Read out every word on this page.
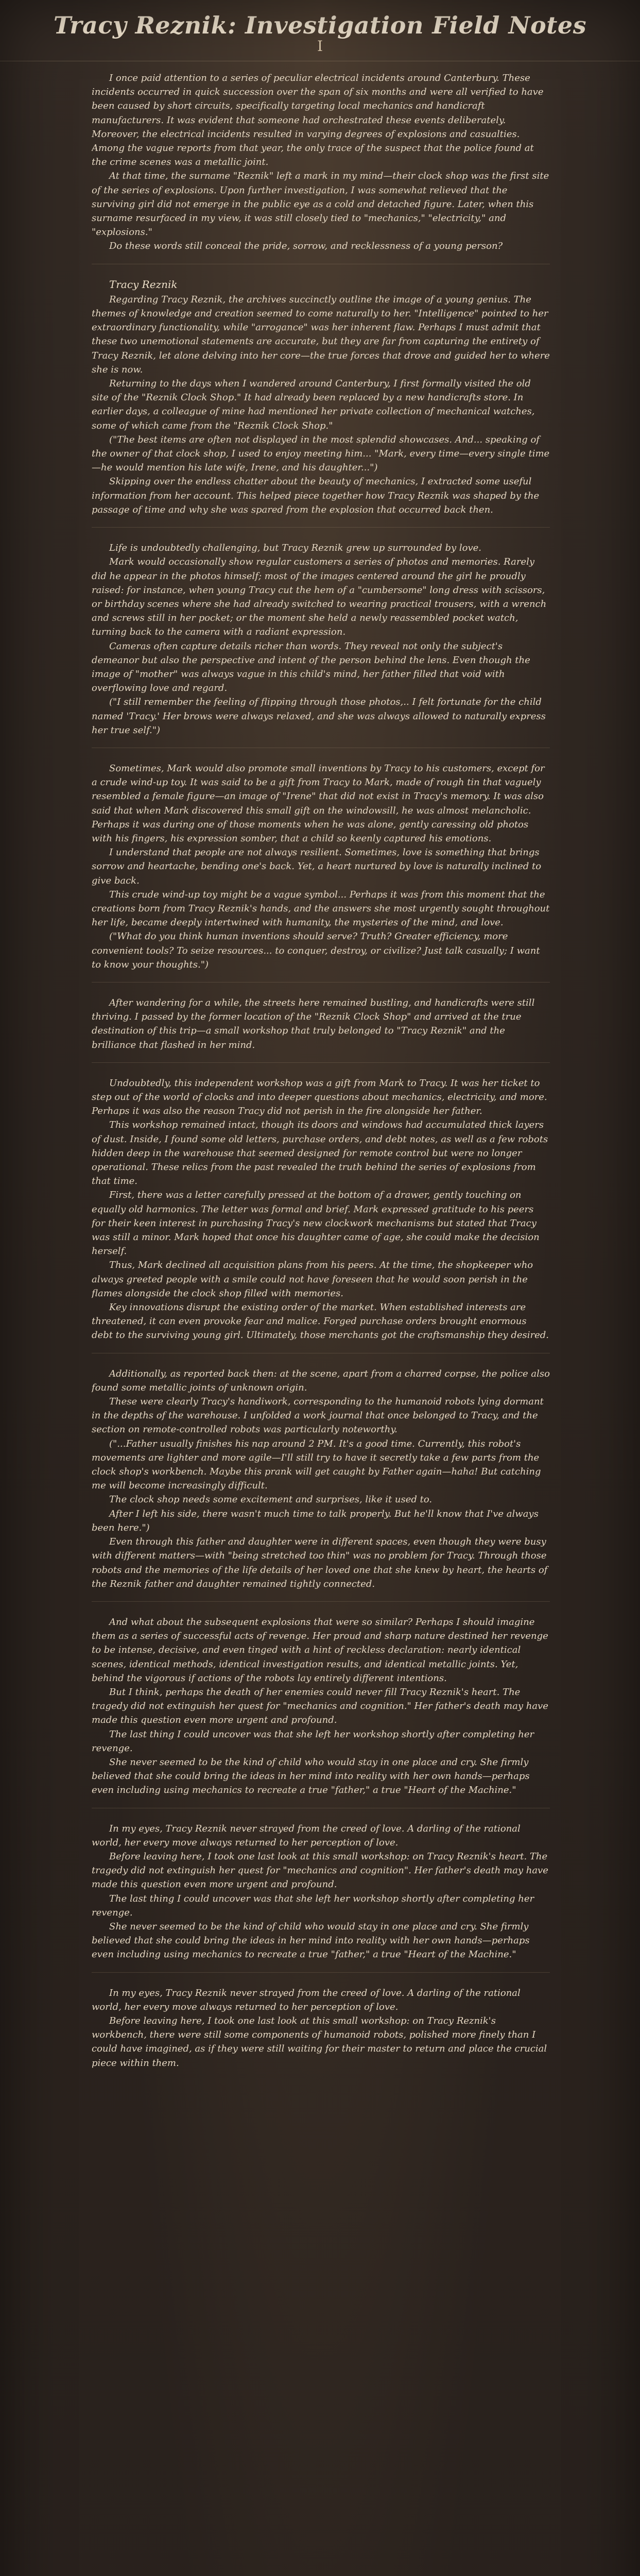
Tracy Reznik: Investigation Field Notes
I

I once paid attention to a series of peculiar electrical incidents around Canterbury. These incidents occurred in quick succession over the span of six months and were all verified to have been caused by short circuits, specifically targeting local mechanics and handicraft manufacturers. It was evident that someone had orchestrated these events deliberately. Moreover, the electrical incidents resulted in varying degrees of explosions and casualties. Among the vague reports from that year, the only trace of the suspect that the police found at the crime scenes was a metallic joint.

At that time, the surname "Reznik" left a mark in my mind—their clock shop was the first site of the series of explosions. Upon further investigation, I was somewhat relieved that the surviving girl did not emerge in the public eye as a cold and detached figure. Later, when this surname resurfaced in my view, it was still closely tied to "mechanics," "electricity," and "explosions."

Do these words still conceal the pride, sorrow, and recklessness of a young person?

Tracy Reznik

Regarding Tracy Reznik, the archives succinctly outline the image of a young genius. The themes of knowledge and creation seemed to come naturally to her. "Intelligence" pointed to her extraordinary functionality, while "arrogance" was her inherent flaw. Perhaps I must admit that these two unemotional statements are accurate, but they are far from capturing the entirety of Tracy Reznik, let alone delving into her core—the true forces that drove and guided her to where she is now.

Returning to the days when I wandered around Canterbury, I first formally visited the old site of the "Reznik Clock Shop." It had already been replaced by a new handicrafts store. In earlier days, a colleague of mine had mentioned her private collection of mechanical watches, some of which came from the "Reznik Clock Shop."

("The best items are often not displayed in the most splendid showcases. And... speaking of the owner of that clock shop, I used to enjoy meeting him... "Mark, every time—every single time—he would mention his late wife, Irene, and his daughter...")

Skipping over the endless chatter about the beauty of mechanics, I extracted some useful information from her account. This helped piece together how Tracy Reznik was shaped by the passage of time and why she was spared from the explosion that occurred back then.

Life is undoubtedly challenging, but Tracy Reznik grew up surrounded by love.

Mark would occasionally show regular customers a series of photos and memories. Rarely did he appear in the photos himself; most of the images centered around the girl he proudly raised: for instance, when young Tracy cut the hem of a "cumbersome" long dress with scissors, or birthday scenes where she had already switched to wearing practical trousers, with a wrench and screws still in her pocket; or the moment she held a newly reassembled pocket watch, turning back to the camera with a radiant expression.

Cameras often capture details richer than words. They reveal not only the subject's demeanor but also the perspective and intent of the person behind the lens. Even though the image of "mother" was always vague in this child's mind, her father filled that void with overflowing love and regard.

("I still remember the feeling of flipping through those photos,.. I felt fortunate for the child named 'Tracy.' Her brows were always relaxed, and she was always allowed to naturally express her true self.")

Sometimes, Mark would also promote small inventions by Tracy to his customers, except for a crude wind-up toy. It was said to be a gift from Tracy to Mark, made of rough tin that vaguely resembled a female figure—an image of "Irene" that did not exist in Tracy's memory. It was also said that when Mark discovered this small gift on the windowsill, he was almost melancholic. Perhaps it was during one of those moments when he was alone, gently caressing old photos with his fingers, his expression somber, that a child so keenly captured his emotions.

I understand that people are not always resilient. Sometimes, love is something that brings sorrow and heartache, bending one's back. Yet, a heart nurtured by love is naturally inclined to give back.

This crude wind-up toy might be a vague symbol... Perhaps it was from this moment that the creations born from Tracy Reznik's hands, and the answers she most urgently sought throughout her life, became deeply intertwined with humanity, the mysteries of the mind, and love.

("What do you think human inventions should serve? Truth? Greater efficiency, more convenient tools? To seize resources... to conquer, destroy, or civilize? Just talk casually; I want to know your thoughts.")

After wandering for a while, the streets here remained bustling, and handicrafts were still thriving. I passed by the former location of the "Reznik Clock Shop" and arrived at the true destination of this trip—a small workshop that truly belonged to "Tracy Reznik" and the brilliance that flashed in her mind.

Undoubtedly, this independent workshop was a gift from Mark to Tracy. It was her ticket to step out of the world of clocks and into deeper questions about mechanics, electricity, and more. Perhaps it was also the reason Tracy did not perish in the fire alongside her father.

This workshop remained intact, though its doors and windows had accumulated thick layers of dust. Inside, I found some old letters, purchase orders, and debt notes, as well as a few robots hidden deep in the warehouse that seemed designed for remote control but were no longer operational. These relics from the past revealed the truth behind the series of explosions from that time.

First, there was a letter carefully pressed at the bottom of a drawer, gently touching on equally old harmonics. The letter was formal and brief. Mark expressed gratitude to his peers for their keen interest in purchasing Tracy's new clockwork mechanisms but stated that Tracy was still a minor. Mark hoped that once his daughter came of age, she could make the decision herself.

Thus, Mark declined all acquisition plans from his peers. At the time, the shopkeeper who always greeted people with a smile could not have foreseen that he would soon perish in the flames alongside the clock shop filled with memories.

Key innovations disrupt the existing order of the market. When established interests are threatened, it can even provoke fear and malice. Forged purchase orders brought enormous debt to the surviving young girl. Ultimately, those merchants got the craftsmanship they desired.

Additionally, as reported back then: at the scene, apart from a charred corpse, the police also found some metallic joints of unknown origin.

These were clearly Tracy's handiwork, corresponding to the humanoid robots lying dormant in the depths of the warehouse. I unfolded a work journal that once belonged to Tracy, and the section on remote-controlled robots was particularly noteworthy.

("...Father usually finishes his nap around 2 PM. It's a good time. Currently, this robot's movements are lighter and more agile—I'll still try to have it secretly take a few parts from the clock shop's workbench. Maybe this prank will get caught by Father again—haha! But catching me will become increasingly difficult.

The clock shop needs some excitement and surprises, like it used to.

After I left his side, there wasn't much time to talk properly. But he'll know that I've always been here.")

Even through this father and daughter were in different spaces, even though they were busy with different matters—with "being stretched too thin" was no problem for Tracy. Through those robots and the memories of the life details of her loved one that she knew by heart, the hearts of the Reznik father and daughter remained tightly connected.

And what about the subsequent explosions that were so similar? Perhaps I should imagine them as a series of successful acts of revenge. Her proud and sharp nature destined her revenge to be intense, decisive, and even tinged with a hint of reckless declaration: nearly identical scenes, identical methods, identical investigation results, and identical metallic joints. Yet, behind the vigorous if actions of the robots lay entirely different intentions.

But I think, perhaps the death of her enemies could never fill Tracy Reznik's heart. The tragedy did not extinguish her quest for "mechanics and cognition." Her father's death may have made this question even more urgent and profound.

The last thing I could uncover was that she left her workshop shortly after completing her revenge.

She never seemed to be the kind of child who would stay in one place and cry. She firmly believed that she could bring the ideas in her mind into reality with her own hands—perhaps even including using mechanics to recreate a true "father," a true "Heart of the Machine."

In my eyes, Tracy Reznik never strayed from the creed of love. A darling of the rational world, her every move always returned to her perception of love.

Before leaving here, I took one last look at this small workshop: on Tracy Reznik's heart. The tragedy did not extinguish her quest for "mechanics and cognition". Her father's death may have made this question even more urgent and profound.

The last thing I could uncover was that she left her workshop shortly after completing her revenge.

She never seemed to be the kind of child who would stay in one place and cry. She firmly believed that she could bring the ideas in her mind into reality with her own hands—perhaps even including using mechanics to recreate a true "father," a true "Heart of the Machine."

In my eyes, Tracy Reznik never strayed from the creed of love. A darling of the rational world, her every move always returned to her perception of love.

Before leaving here, I took one last look at this small workshop: on Tracy Reznik's workbench, there were still some components of humanoid robots, polished more finely than I could have imagined, as if they were still waiting for their master to return and place the crucial piece within them.
